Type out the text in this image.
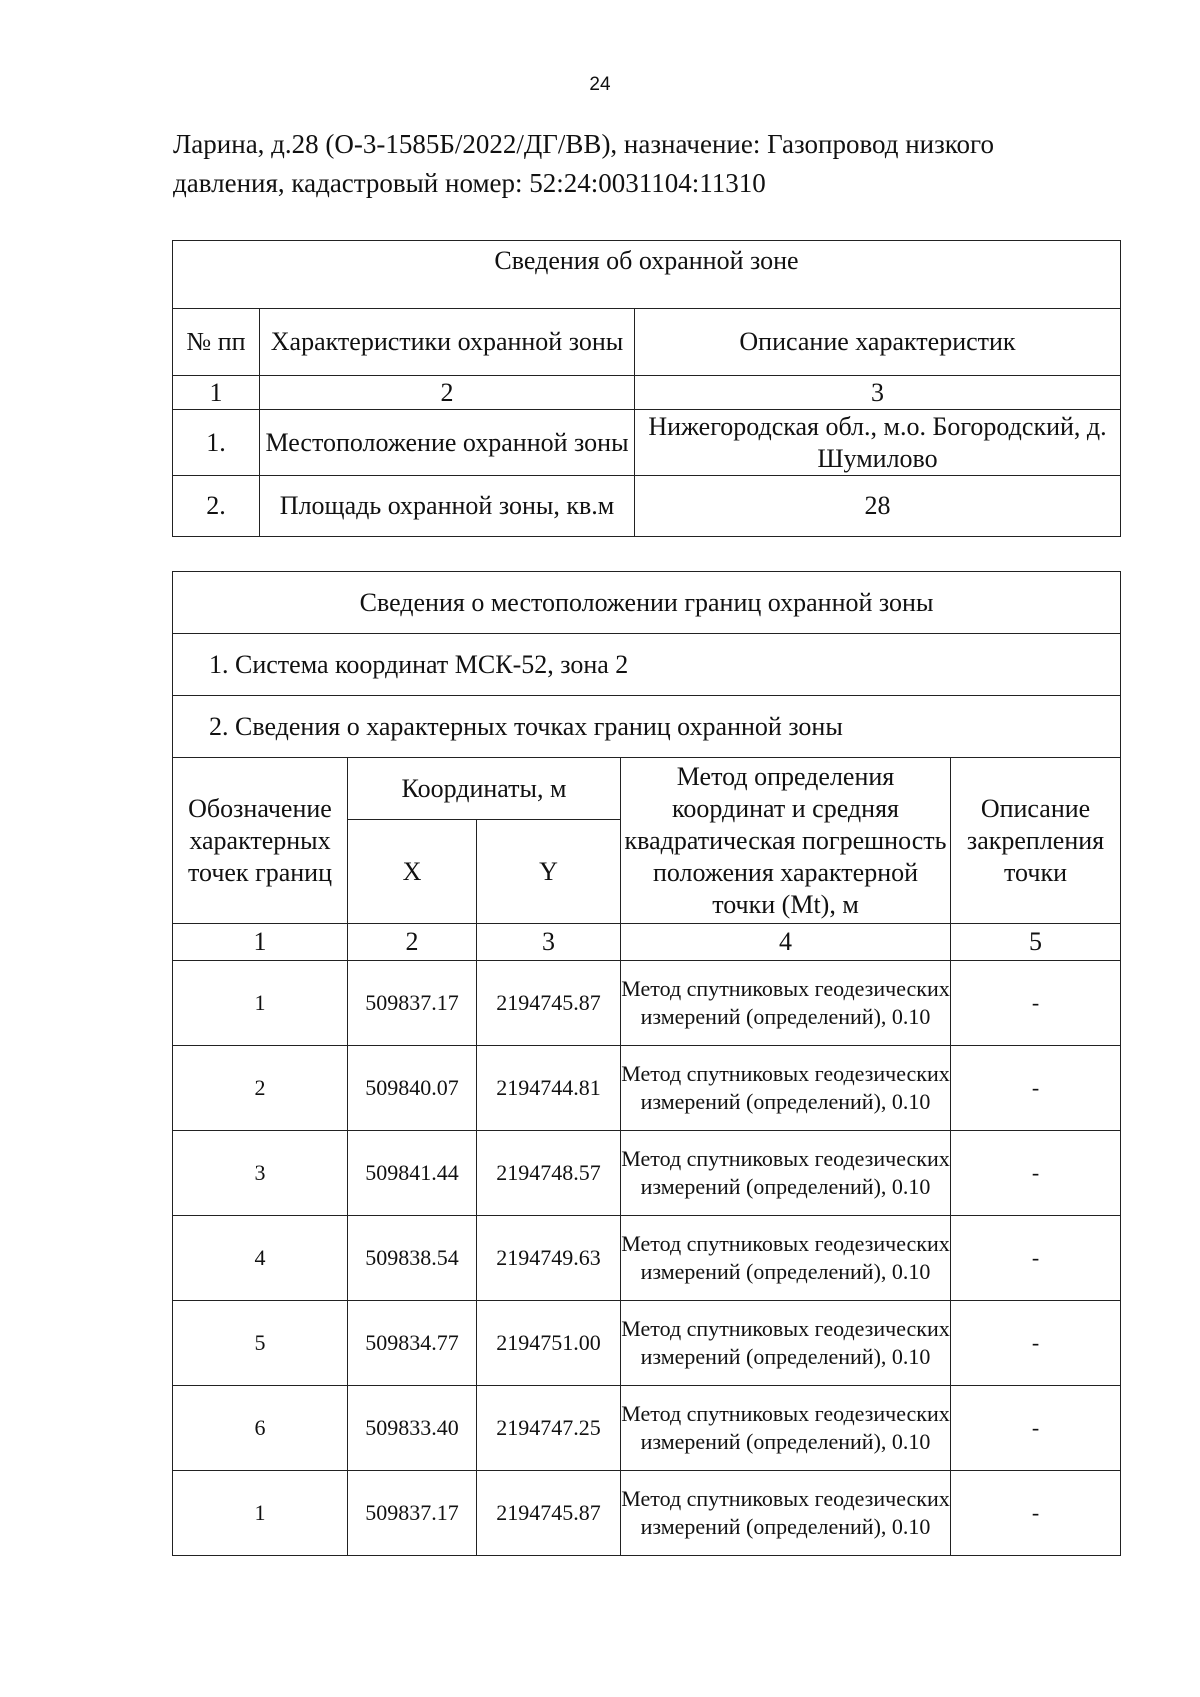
24

Ларина, д.28 (О-3-1585Б/2022/ДГ/ВВ), назначение: Газопровод низкого
давления, кадастровый номер: 52:24:0031104:11310

Сведения об охранной зоне		
№ пп	Характеристики охранной зоны	Описание характеристик
1	2	3
1.	Местоположение охранной зоны	Нижегородская обл., м.о. Богородский, д. Шумилово
2.	Площадь охранной зоны, кв.м	28
Сведения о местоположении границ охранной зоны				
1. Система координат МСК-52, зона 2				
2. Сведения о характерных точках границ охранной зоны				
Обозначение характерных точек границ	Координаты, м		Метод определения координат и средняя квадратическая погрешность положения характерной точки (Mt), м	Описание закрепления точки
	X	Y		
1	2	3	4	5
1	509837.17	2194745.87	Метод спутниковых геодезических измерений (определений), 0.10	-
2	509840.07	2194744.81	Метод спутниковых геодезических измерений (определений), 0.10	-
3	509841.44	2194748.57	Метод спутниковых геодезических измерений (определений), 0.10	-
4	509838.54	2194749.63	Метод спутниковых геодезических измерений (определений), 0.10	-
5	509834.77	2194751.00	Метод спутниковых геодезических измерений (определений), 0.10	-
6	509833.40	2194747.25	Метод спутниковых геодезических измерений (определений), 0.10	-
1	509837.17	2194745.87	Метод спутниковых геодезических измерений (определений), 0.10	-
